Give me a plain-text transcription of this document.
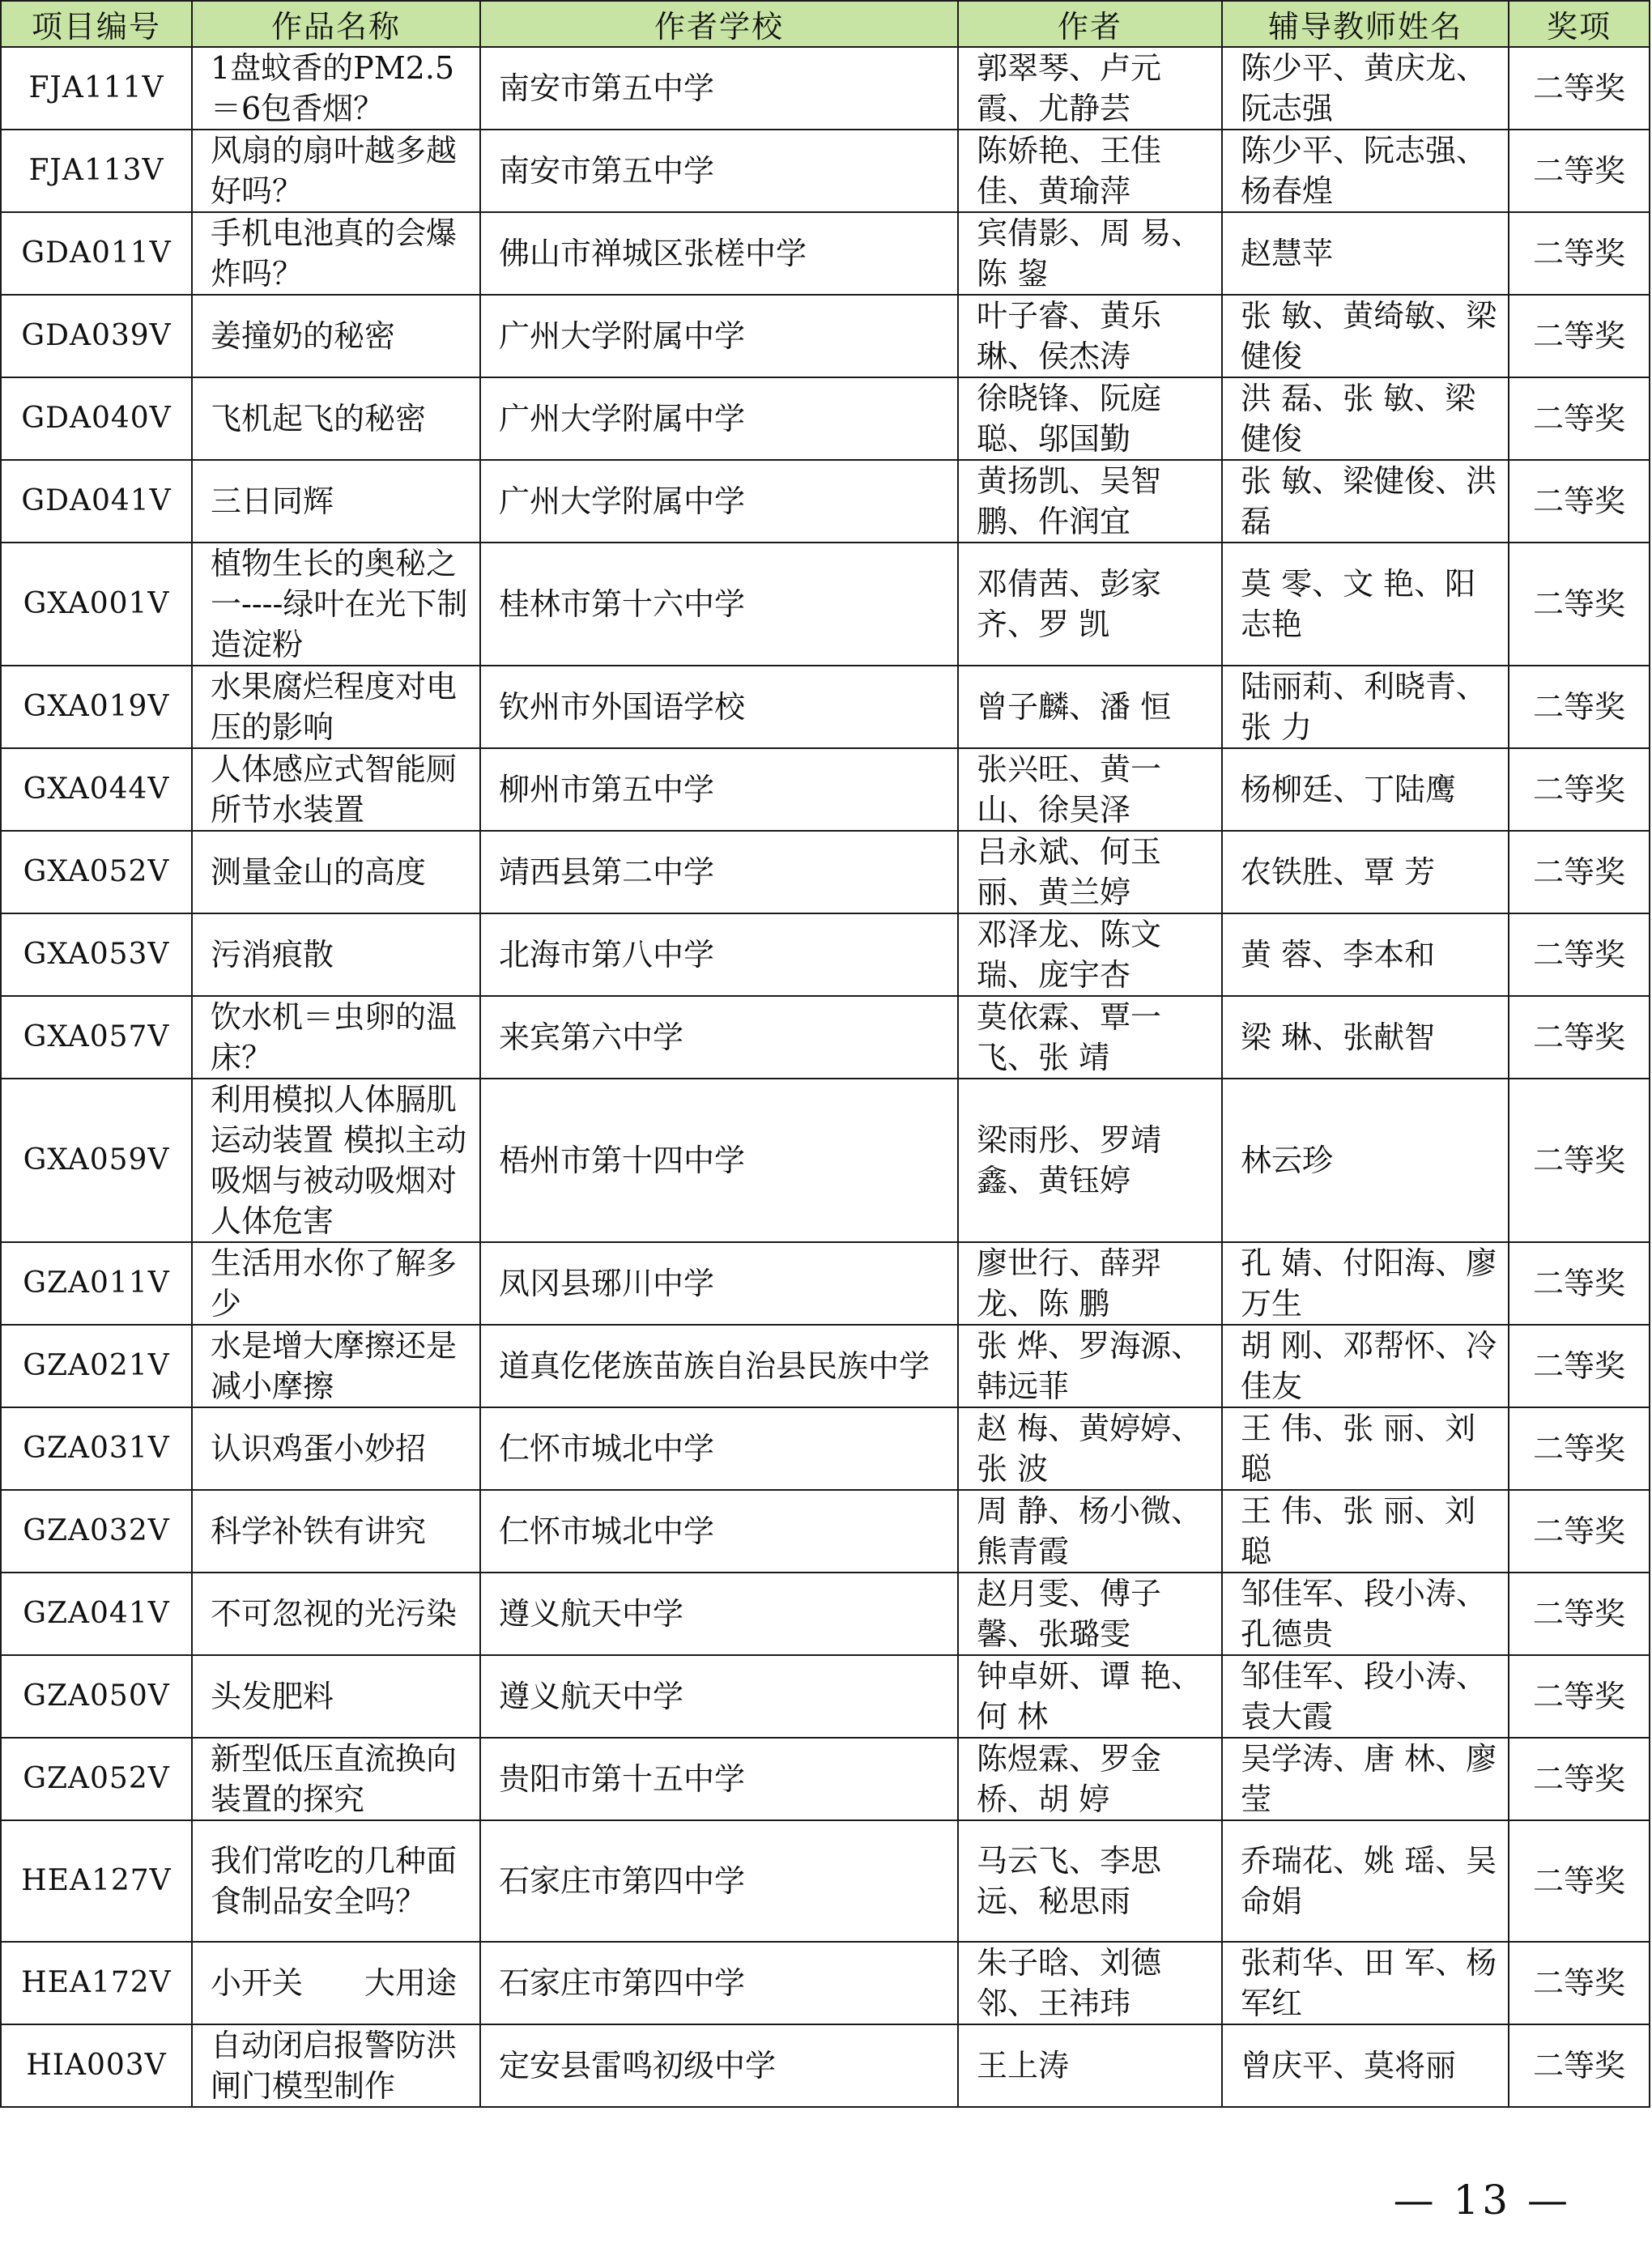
项目编号	作品名称	作者学校	作者	辅导教师姓名	奖项
FJA111V	1盘蚊香的PM2.5＝6包香烟？	南安市第五中学	郭翠琴、卢元霞、尤静芸	陈少平、黄庆龙、阮志强	二等奖
FJA113V	风扇的扇叶越多越好吗？	南安市第五中学	陈娇艳、王佳佳、黄瑜萍	陈少平、阮志强、杨春煌	二等奖
GDA011V	手机电池真的会爆炸吗？	佛山市禅城区张槎中学	宾倩影、周 易、陈 鋆	赵慧苹	二等奖
GDA039V	姜撞奶的秘密	广州大学附属中学	叶子睿、黄乐琳、侯杰涛	张 敏、黄绮敏、梁健俊	二等奖
GDA040V	飞机起飞的秘密	广州大学附属中学	徐晓锋、阮庭聪、邬国勤	洪 磊、张 敏、梁健俊	二等奖
GDA041V	三日同辉	广州大学附属中学	黄扬凯、吴智鹏、仵润宜	张 敏、梁健俊、洪 磊	二等奖
GXA001V	植物生长的奥秘之一----绿叶在光下制造淀粉	桂林市第十六中学	邓倩茜、彭家齐、罗 凯	莫 零、文 艳、阳志艳	二等奖
GXA019V	水果腐烂程度对电压的影响	钦州市外国语学校	曾子麟、潘 恒	陆丽莉、利晓青、张 力	二等奖
GXA044V	人体感应式智能厕所节水装置	柳州市第五中学	张兴旺、黄一山、徐昊泽	杨柳廷、丁陆鹰	二等奖
GXA052V	测量金山的高度	靖西县第二中学	吕永斌、何玉丽、黄兰婷	农铁胜、覃 芳	二等奖
GXA053V	污消痕散	北海市第八中学	邓泽龙、陈文瑞、庞宇杏	黄 蓉、李本和	二等奖
GXA057V	饮水机＝虫卵的温床？	来宾第六中学	莫依霖、覃一飞、张 靖	梁 琳、张献智	二等奖
GXA059V	利用模拟人体膈肌运动装置 模拟主动吸烟与被动吸烟对人体危害	梧州市第十四中学	梁雨彤、罗靖鑫、黄钰婷	林云珍	二等奖
GZA011V	生活用水你了解多少	凤冈县琊川中学	廖世行、薛羿龙、陈 鹏	孔 婧、付阳海、廖万生	二等奖
GZA021V	水是增大摩擦还是减小摩擦	道真仡佬族苗族自治县民族中学	张 烨、罗海源、韩远菲	胡 刚、邓帮怀、冷佳友	二等奖
GZA031V	认识鸡蛋小妙招	仁怀市城北中学	赵 梅、黄婷婷、张 波	王 伟、张 丽、刘 聪	二等奖
GZA032V	科学补铁有讲究	仁怀市城北中学	周 静、杨小微、熊青霞	王 伟、张 丽、刘 聪	二等奖
GZA041V	不可忽视的光污染	遵义航天中学	赵月雯、傅子馨、张璐雯	邹佳军、段小涛、孔德贵	二等奖
GZA050V	头发肥料	遵义航天中学	钟卓妍、谭 艳、何 林	邹佳军、段小涛、袁大霞	二等奖
GZA052V	新型低压直流换向装置的探究	贵阳市第十五中学	陈煜霖、罗金桥、胡 婷	吴学涛、唐 林、廖 莹	二等奖
HEA127V	我们常吃的几种面食制品安全吗？	石家庄市第四中学	马云飞、李思远、秘思雨	乔瑞花、姚 瑶、吴命娟	二等奖
HEA172V	小开关　　大用途	石家庄市第四中学	朱子晗、刘德邻、王祎玮	张莉华、田 军、杨军红	二等奖
HIA003V	自动闭启报警防洪闸门模型制作	定安县雷鸣初级中学	王上涛	曾庆平、莫将丽	二等奖
— 13 —
